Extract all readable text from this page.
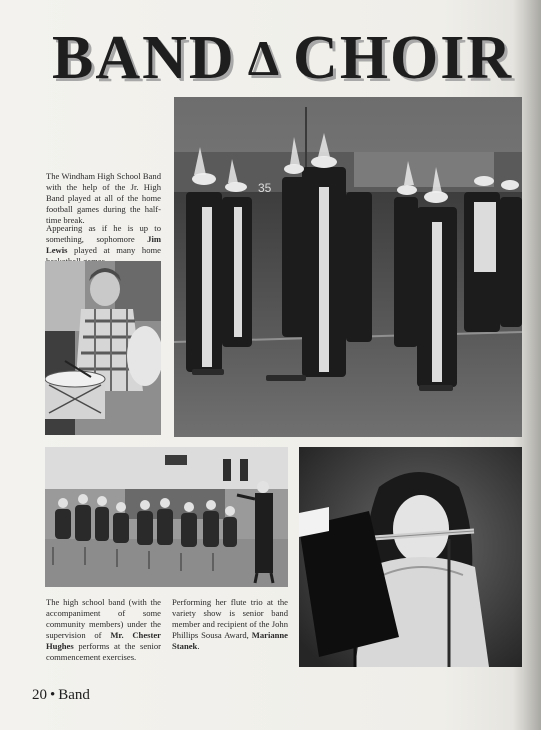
BAND Δ CHOIR
35

The Windham High School Band with the help of the Jr. High Band played at all of the home football games during the half-time break.

Appearing as if he is up to something, sophomore Jim Lewis played at many home

The high school band (with the accompaniment of some community members) under the supervision of Mr. Chester Hughes performs at the senior commencement exercises.

Performing her flute trio at the variety show is senior band member and recipient of the John Phillips Sousa Award, Marianne Stanek.

20 • Band
